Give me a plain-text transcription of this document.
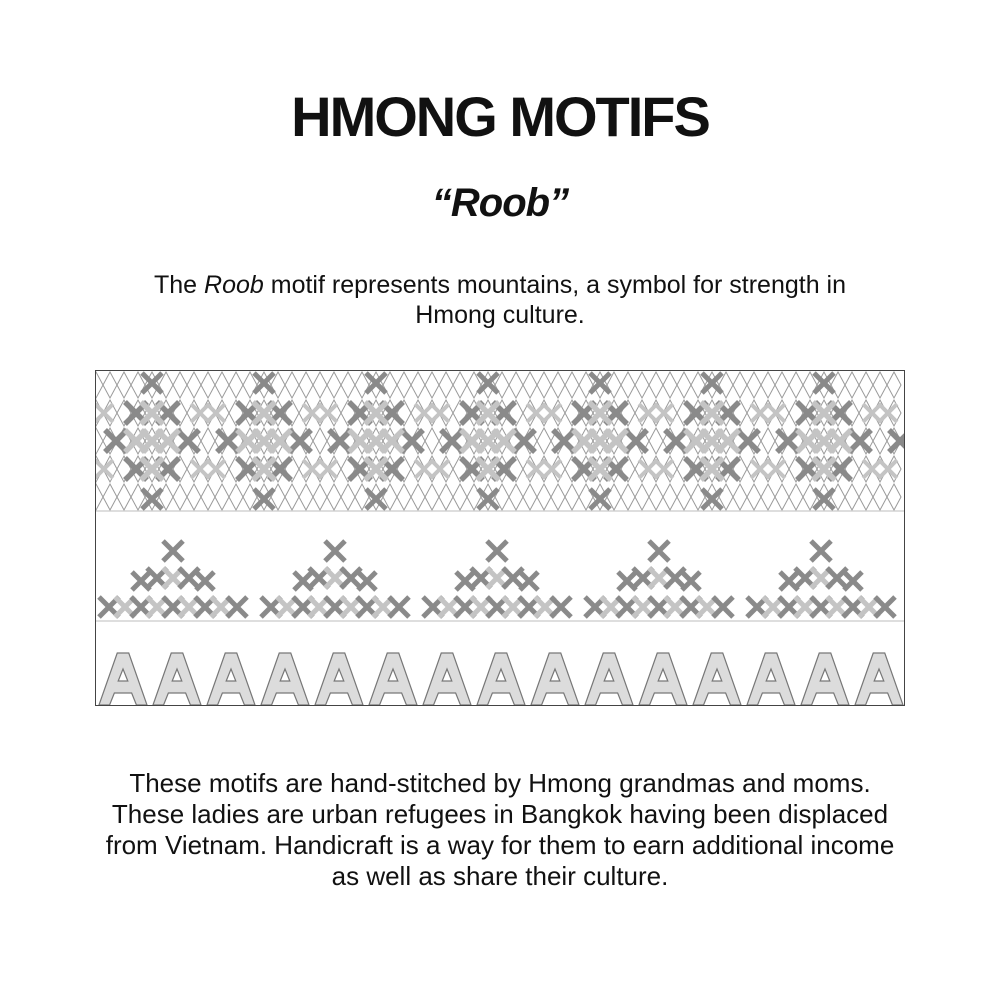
HMONG MOTIFS
“Roob”
The Roob motif represents mountains, a symbol for strength in Hmong culture.
These motifs are hand-stitched by Hmong grandmas and moms. These ladies are urban refugees in Bangkok having been displaced from Vietnam. Handicraft is a way for them to earn additional income as well as share their culture.
